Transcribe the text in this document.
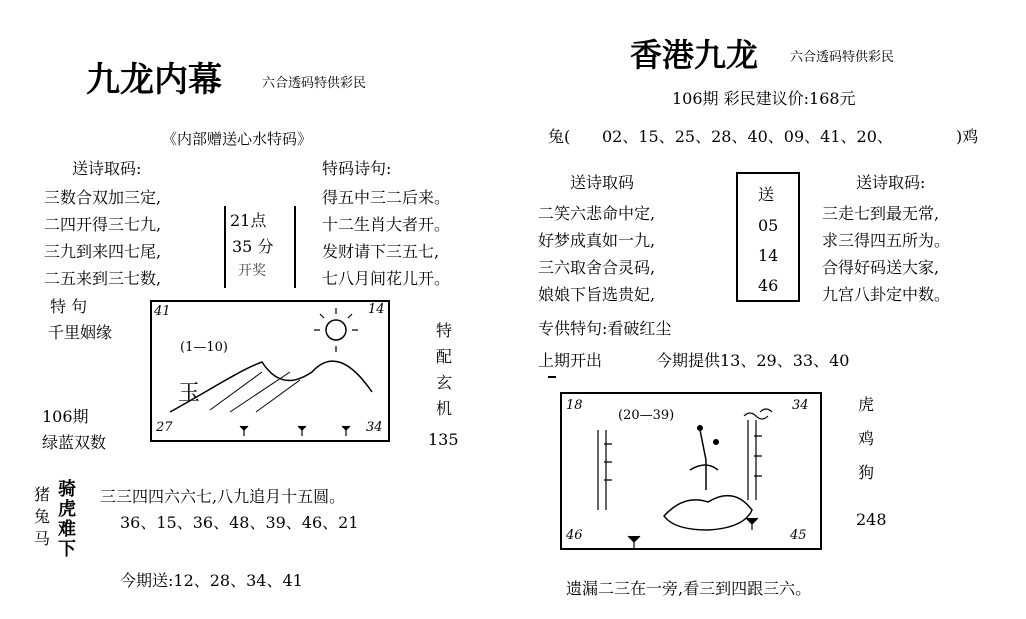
九龙内幕	六合透码特供彩民
《内部赠送心水特码》
送诗取码:	特码诗句:
三数合双加三定,
二四开得三七九,
三九到来四七尾,
二五来到三七数,
21点
35 分
开奖
得五中三二后来。
十二生肖大者开。
发财请下三五七,
七八月间花儿开。
特 句
千里姻缘
41	14
27	34
(1—10)
玉
特
配
玄
机
135
106期
绿蓝双数
猪
兔
马
骑
虎
难
下
三三四四六六七,八九追月十五圆。
36、15、36、48、39、46、21
今期送:12、28、34、41
香港九龙 六合透码特供彩民
106期 彩民建议价:168元
兔( 02、15、25、28、40、09、41、20、	)鸡
送诗取码	送诗取码:
二笑六悲命中定,
好梦成真如一九,
三六取舍合灵码,
娘娘下旨选贵妃,
送
05
14
46
三走七到最无常,
求三得四五所为。
合得好码送大家,
九宫八卦定中数。
专供特句:看破红尘
上期开出	今期提供13、29、33、40
18	34
46	45
(20—39)
虎
鸡
狗
248
遗漏二三在一旁,看三到四跟三六。
